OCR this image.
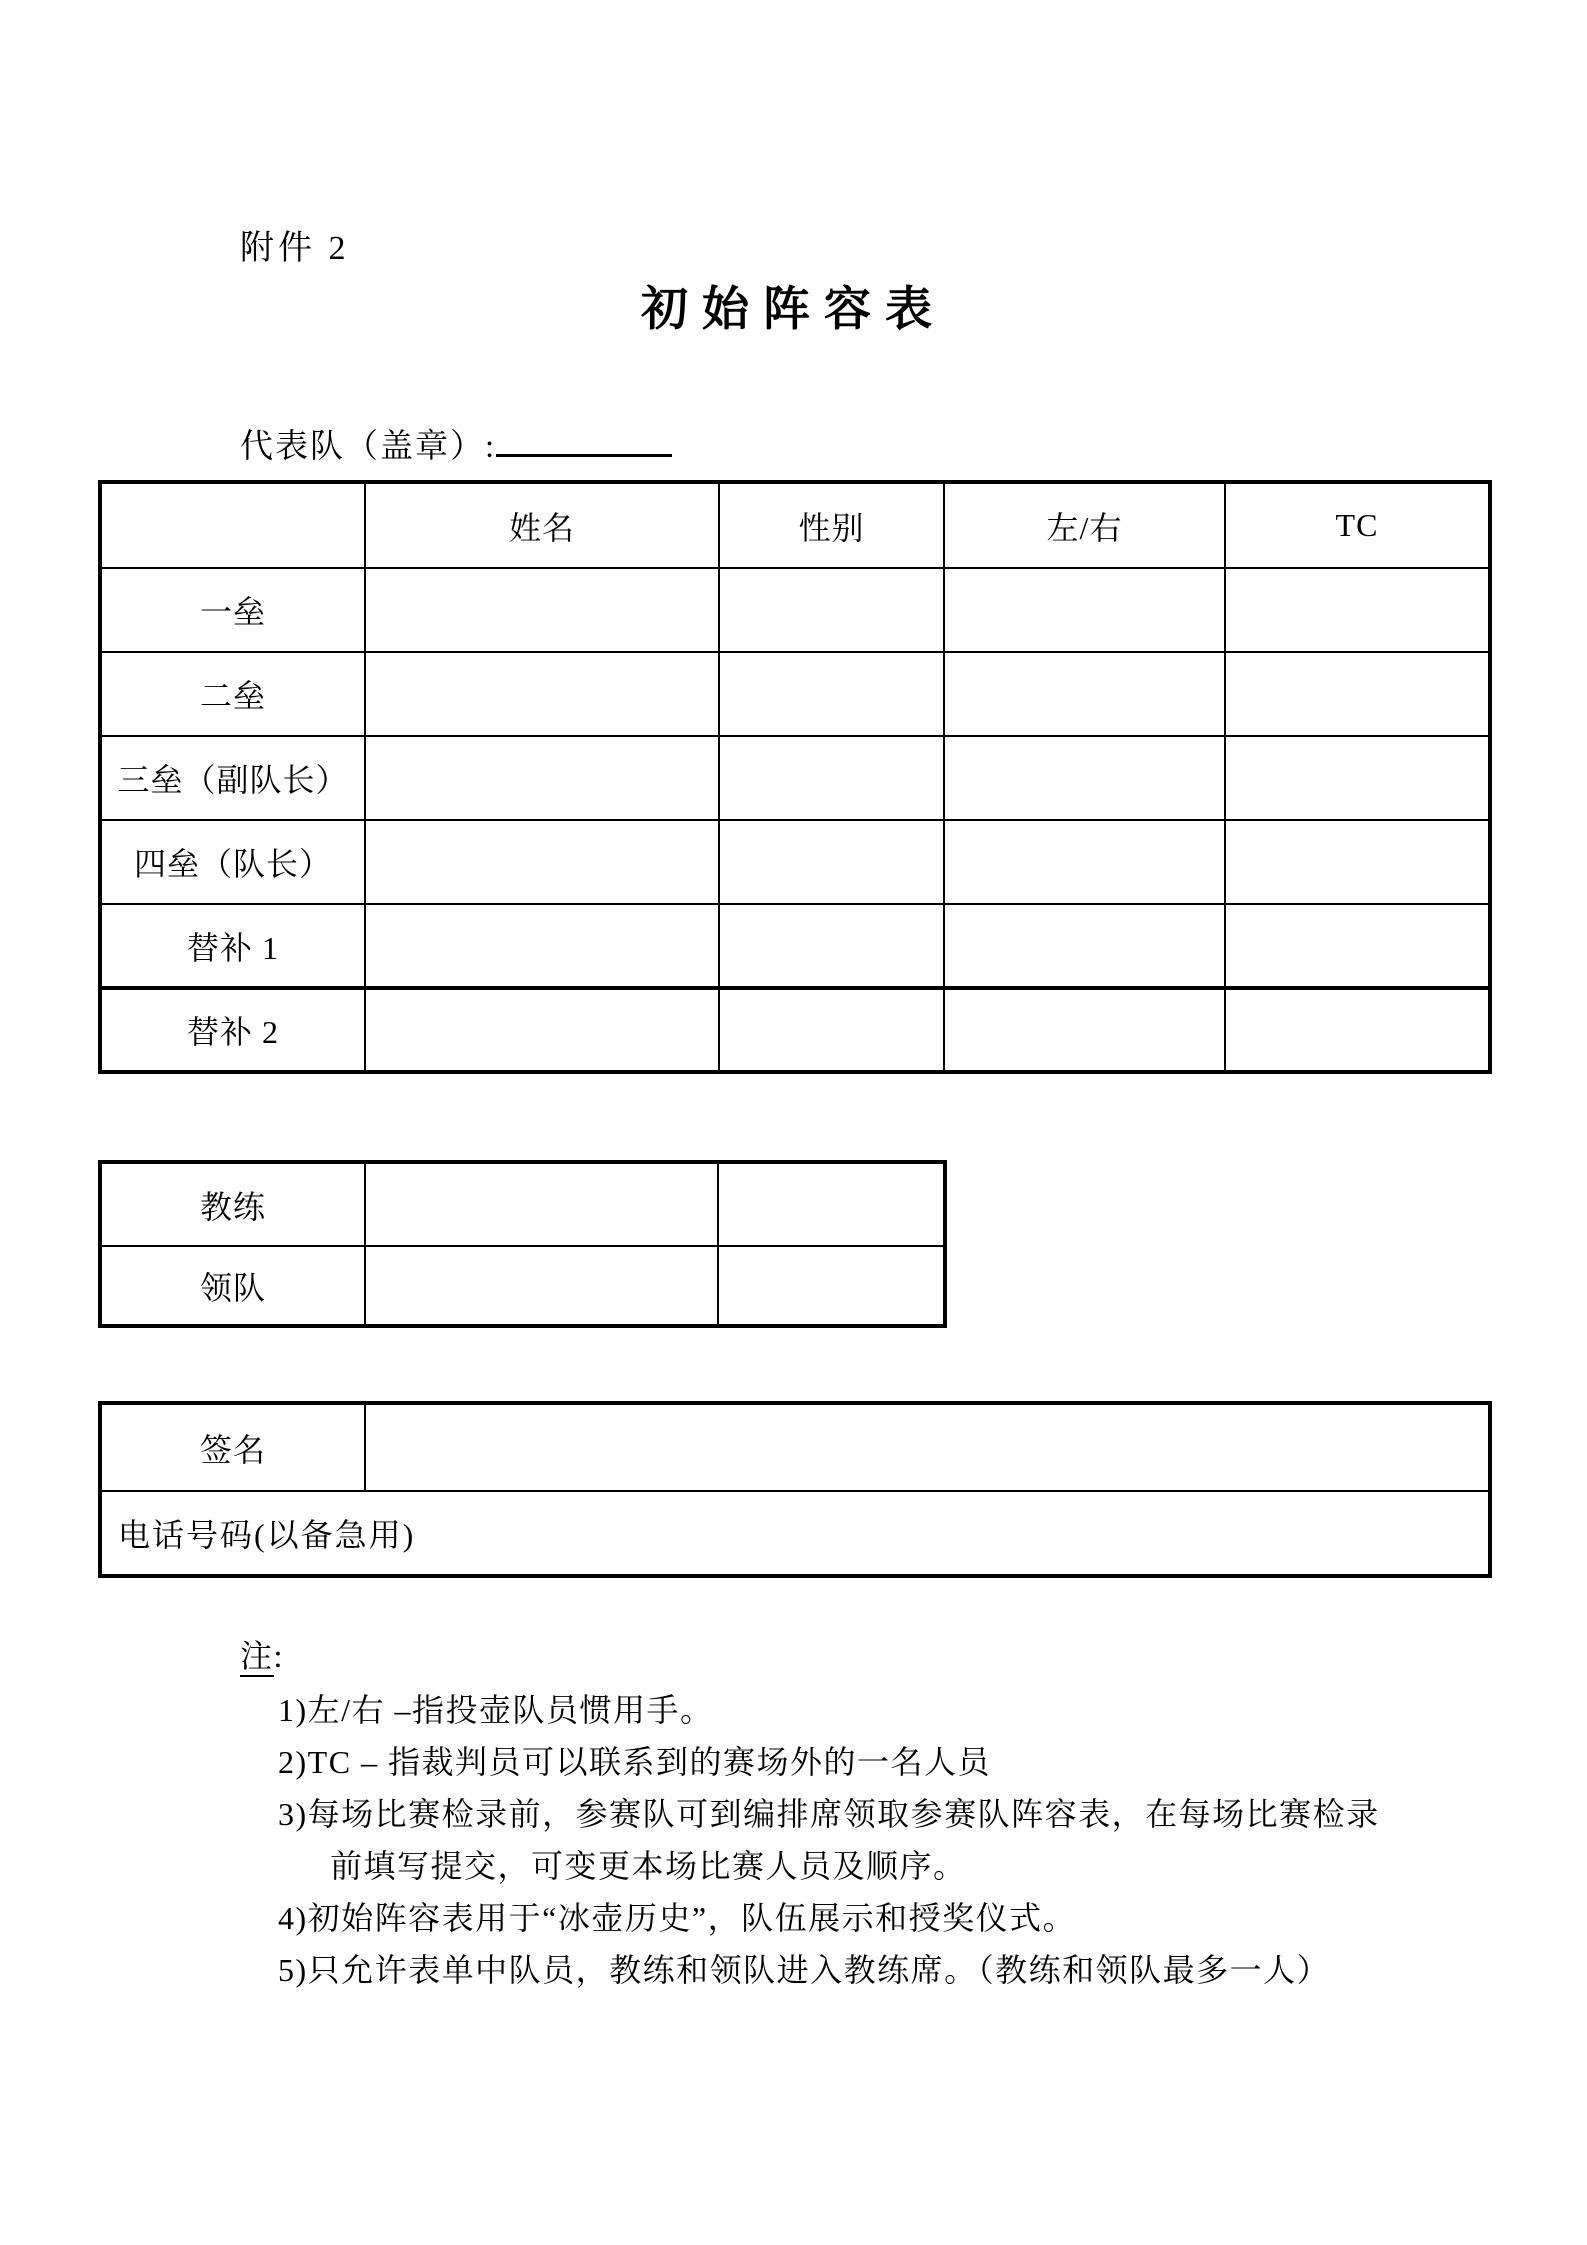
附件 2
初始阵容表
代表队（盖章）:
	姓名	性别	左/右	TC
一垒				
二垒				
三垒（副队长）				
四垒（队长）				
替补 1				
替补 2				
教练		
领队		
签名	
电话号码(以备急用)
注:
1)左/右 –指投壶队员惯用手。
2)TC – 指裁判员可以联系到的赛场外的一名人员
3)每场比赛检录前，参赛队可到编排席领取参赛队阵容表，在每场比赛检录
前填写提交，可变更本场比赛人员及顺序。
4)初始阵容表用于“冰壶历史”，队伍展示和授奖仪式。
5)只允许表单中队员，教练和领队进入教练席。（教练和领队最多一人）
